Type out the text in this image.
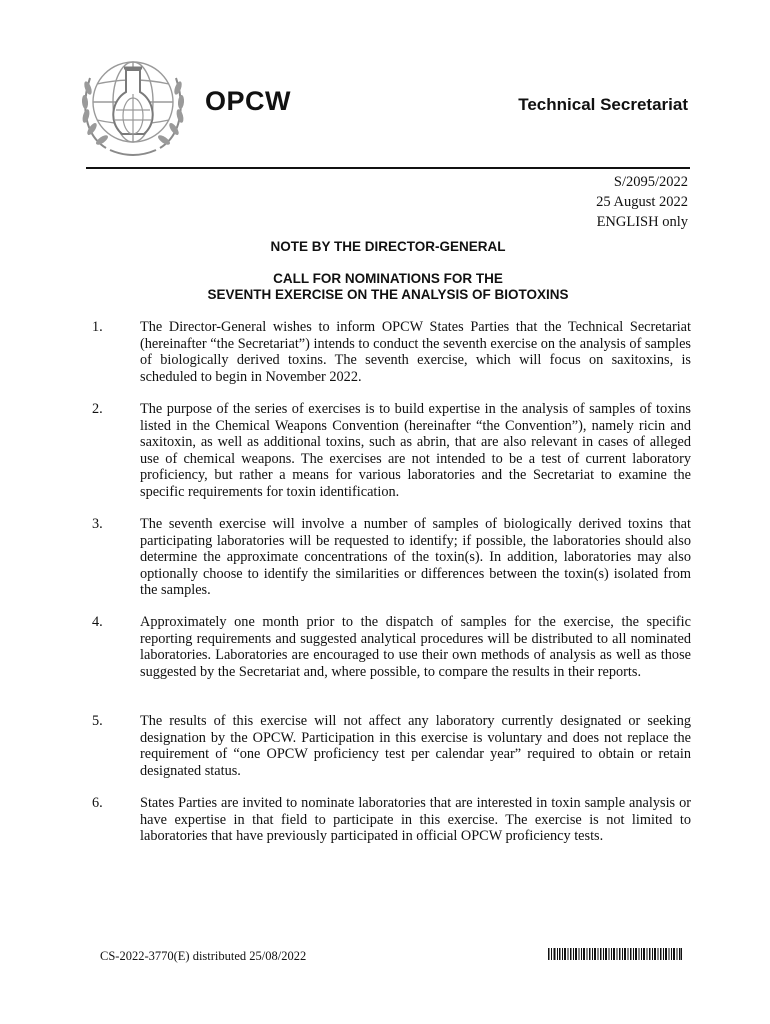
OPCW	Technical Secretariat
S/2095/2022
25 August 2022
ENGLISH only
NOTE BY THE DIRECTOR-GENERAL
CALL FOR NOMINATIONS FOR THE
SEVENTH EXERCISE ON THE ANALYSIS OF BIOTOXINS
1.	The Director-General wishes to inform OPCW States Parties that the Technical Secretariat (hereinafter “the Secretariat”) intends to conduct the seventh exercise on the analysis of samples of biologically derived toxins. The seventh exercise, which will focus on saxitoxins, is scheduled to begin in November 2022.
2.	The purpose of the series of exercises is to build expertise in the analysis of samples of toxins listed in the Chemical Weapons Convention (hereinafter “the Convention”), namely ricin and saxitoxin, as well as additional toxins, such as abrin, that are also relevant in cases of alleged use of chemical weapons. The exercises are not intended to be a test of current laboratory proficiency, but rather a means for various laboratories and the Secretariat to examine the specific requirements for toxin identification.
3.	The seventh exercise will involve a number of samples of biologically derived toxins that participating laboratories will be requested to identify; if possible, the laboratories should also determine the approximate concentrations of the toxin(s). In addition, laboratories may also optionally choose to identify the similarities or differences between the toxin(s) isolated from the samples.
4.	Approximately one month prior to the dispatch of samples for the exercise, the specific reporting requirements and suggested analytical procedures will be distributed to all nominated laboratories. Laboratories are encouraged to use their own methods of analysis as well as those suggested by the Secretariat and, where possible, to compare the results in their reports.
5.	The results of this exercise will not affect any laboratory currently designated or seeking designation by the OPCW. Participation in this exercise is voluntary and does not replace the requirement of “one OPCW proficiency test per calendar year” required to obtain or retain designated status.
6.	States Parties are invited to nominate laboratories that are interested in toxin sample analysis or have expertise in that field to participate in this exercise. The exercise is not limited to laboratories that have previously participated in official OPCW proficiency tests.
CS-2022-3770(E) distributed 25/08/2022
